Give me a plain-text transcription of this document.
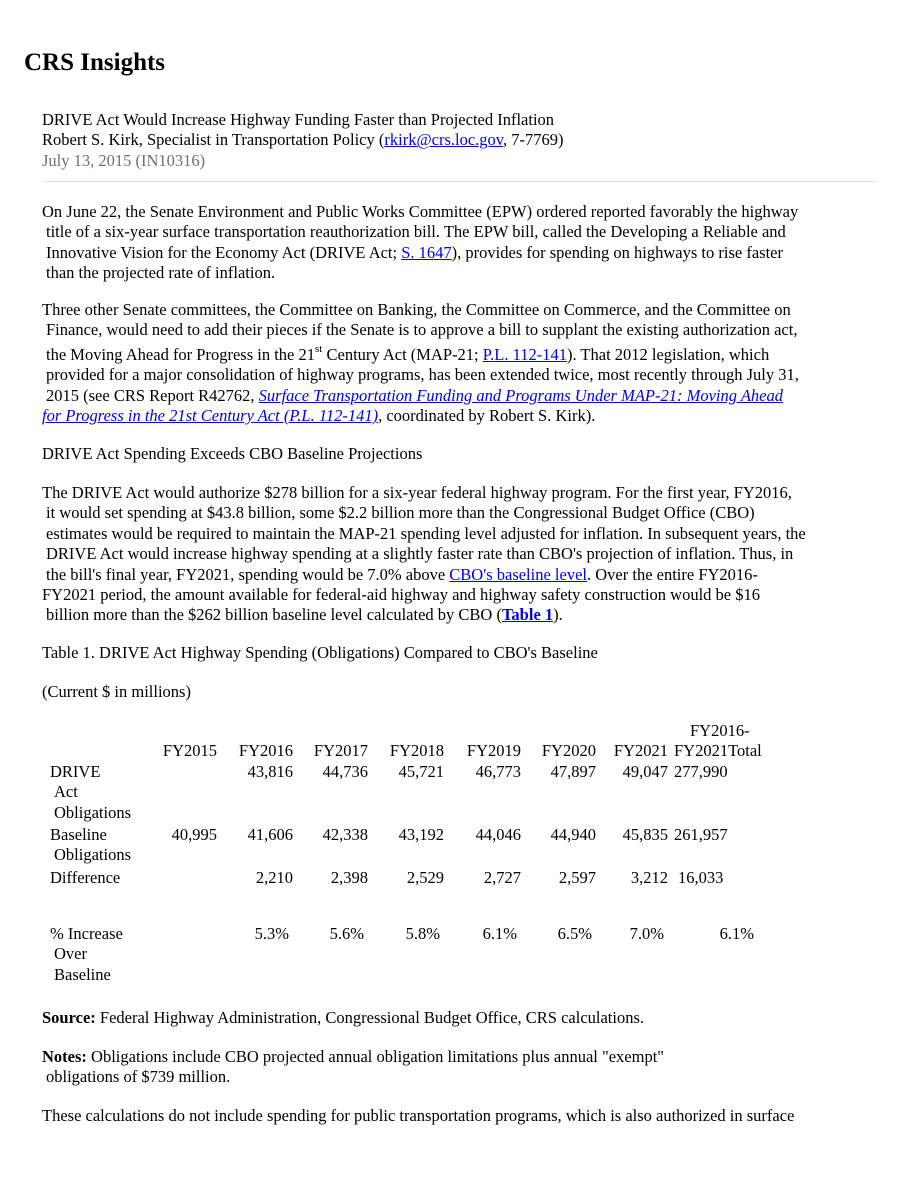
CRS Insights
DRIVE Act Would Increase Highway Funding Faster than Projected Inflation
Robert S. Kirk, Specialist in Transportation Policy (rkirk@crs.loc.gov, 7-7769)
July 13, 2015 (IN10316)
On June 22, the Senate Environment and Public Works Committee (EPW) ordered reported favorably the highway
title of a six-year surface transportation reauthorization bill. The EPW bill, called the Developing a Reliable and
Innovative Vision for the Economy Act (DRIVE Act; S. 1647), provides for spending on highways to rise faster
than the projected rate of inflation.
Three other Senate committees, the Committee on Banking, the Committee on Commerce, and the Committee on
Finance, would need to add their pieces if the Senate is to approve a bill to supplant the existing authorization act,
the Moving Ahead for Progress in the 21st Century Act (MAP-21; P.L. 112-141). That 2012 legislation, which
provided for a major consolidation of highway programs, has been extended twice, most recently through July 31,
2015 (see CRS Report R42762, Surface Transportation Funding and Programs Under MAP-21: Moving Ahead
for Progress in the 21st Century Act (P.L. 112-141), coordinated by Robert S. Kirk).
DRIVE Act Spending Exceeds CBO Baseline Projections
The DRIVE Act would authorize $278 billion for a six-year federal highway program. For the first year, FY2016,
it would set spending at $43.8 billion, some $2.2 billion more than the Congressional Budget Office (CBO)
estimates would be required to maintain the MAP-21 spending level adjusted for inflation. In subsequent years, the
DRIVE Act would increase highway spending at a slightly faster rate than CBO's projection of inflation. Thus, in
the bill's final year, FY2021, spending would be 7.0% above CBO's baseline level. Over the entire FY2016-
FY2021 period, the amount available for federal-aid highway and highway safety construction would be $16
billion more than the $262 billion baseline level calculated by CBO (Table 1).
Table 1. DRIVE Act Highway Spending (Obligations) Compared to CBO's Baseline
(Current $ in millions)
	FY2015	FY2016	FY2017	FY2018	FY2019	FY2020	FY2021	FY2016-
FY2021Total

DRIVE
Act
Obligations		43,816	44,736	45,721	46,773	47,897	49,047	277,990

Baseline
Obligations	40,995	41,606	42,338	43,192	44,046	44,940	45,835	261,957

Difference		2,210	2,398	2,529	2,727	2,597	3,212	16,033

% Increase
Over
Baseline		5.3%	5.6%	5.8%	6.1%	6.5%	7.0%	6.1%
Source: Federal Highway Administration, Congressional Budget Office, CRS calculations.
Notes: Obligations include CBO projected annual obligation limitations plus annual "exempt"
obligations of $739 million.
These calculations do not include spending for public transportation programs, which is also authorized in surface
